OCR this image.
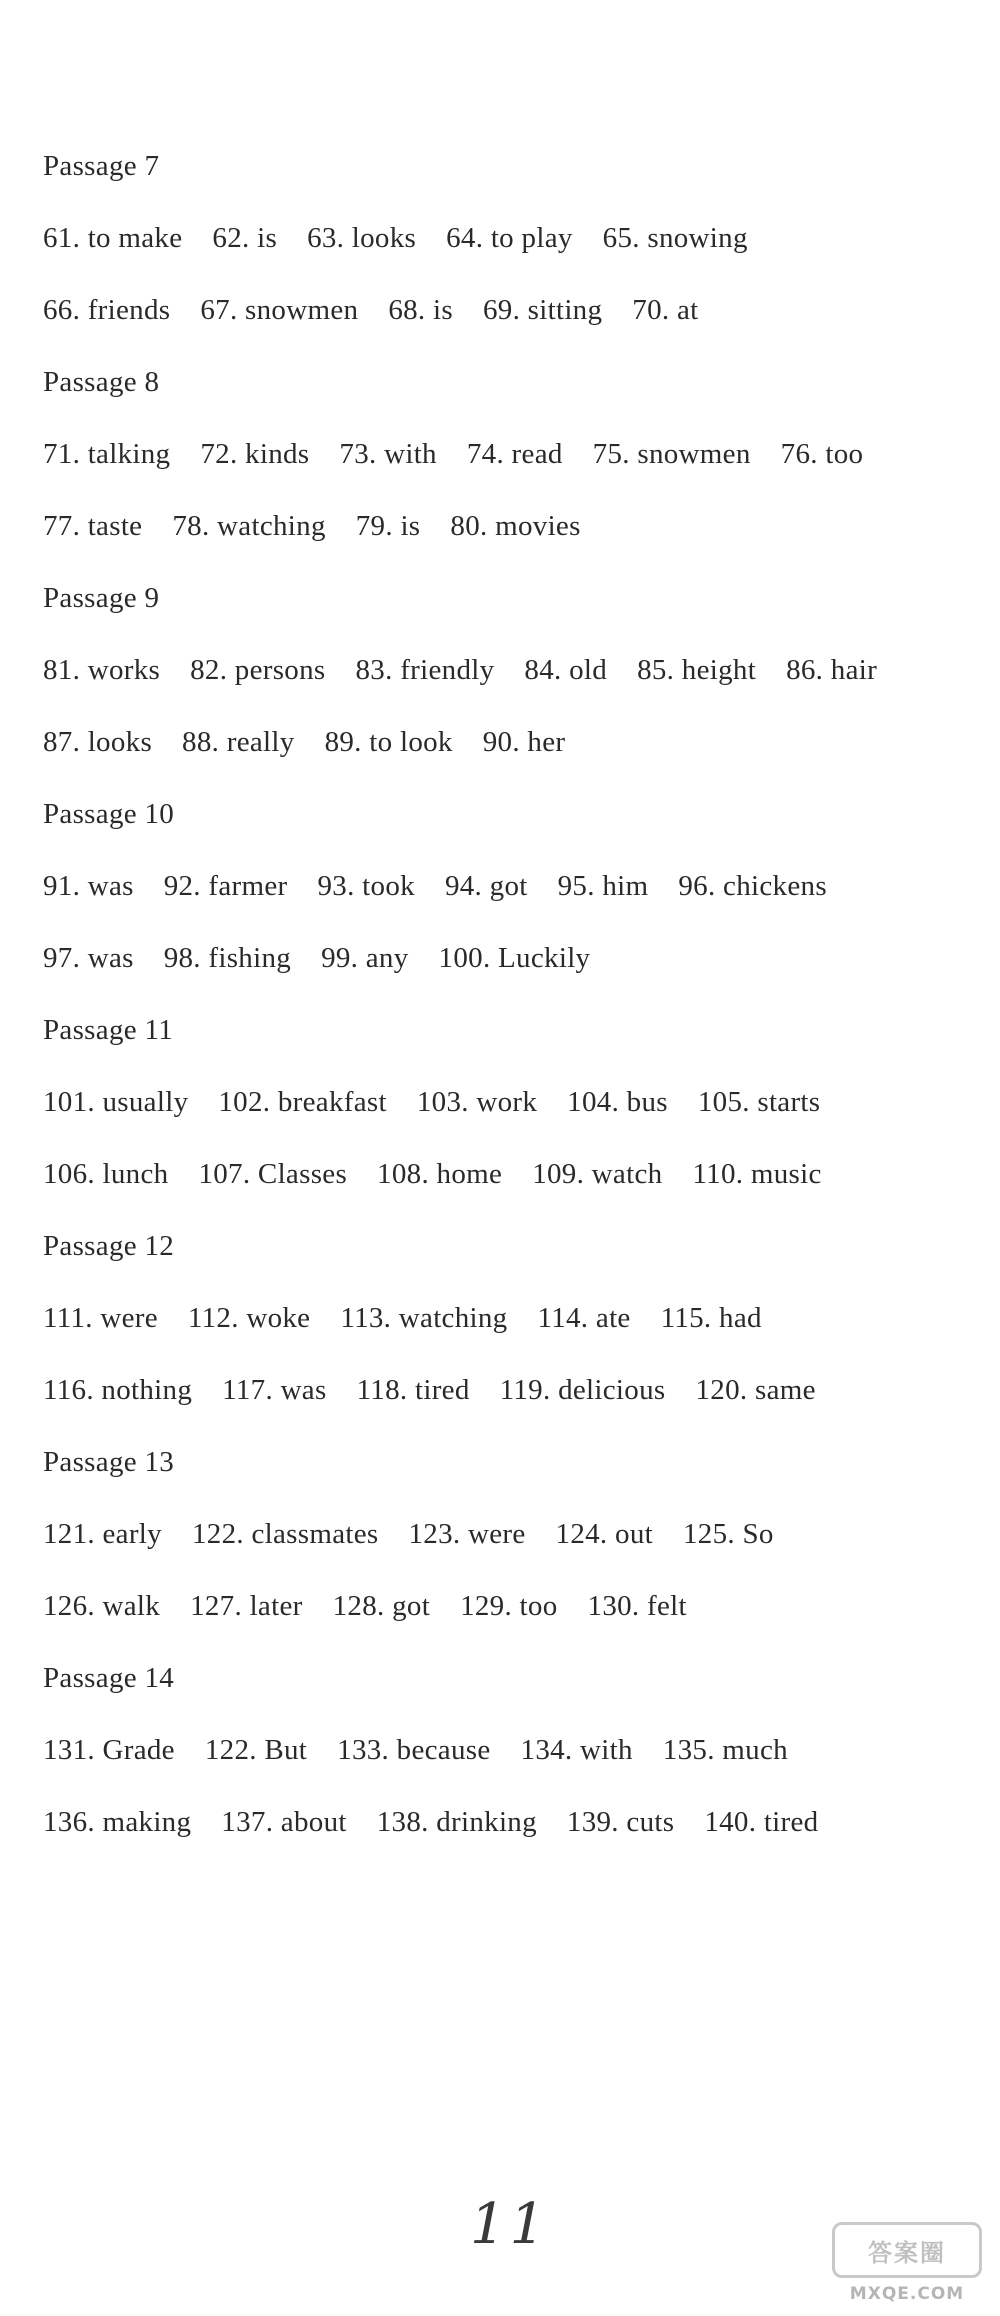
Passage 7
61. to make 62. is 63. looks 64. to play 65. snowing
66. friends 67. snowmen 68. is 69. sitting 70. at
Passage 8
71. talking 72. kinds 73. with 74. read 75. snowmen 76. too
77. taste 78. watching 79. is 80. movies
Passage 9
81. works 82. persons 83. friendly 84. old 85. height 86. hair
87. looks 88. really 89. to look 90. her
Passage 10
91. was 92. farmer 93. took 94. got 95. him 96. chickens
97. was 98. fishing 99. any 100. Luckily
Passage 11
101. usually 102. breakfast 103. work 104. bus 105. starts
106. lunch 107. Classes 108. home 109. watch 110. music
Passage 12
111. were 112. woke 113. watching 114. ate 115. had
116. nothing 117. was 118. tired 119. delicious 120. same
Passage 13
121. early 122. classmates 123. were 124. out 125. So
126. walk 127. later 128. got 129. too 130. felt
Passage 14
131. Grade 122. But 133. because 134. with 135. much
136. making 137. about 138. drinking 139. cuts 140. tired
11	答案圈
MXQE.COM
